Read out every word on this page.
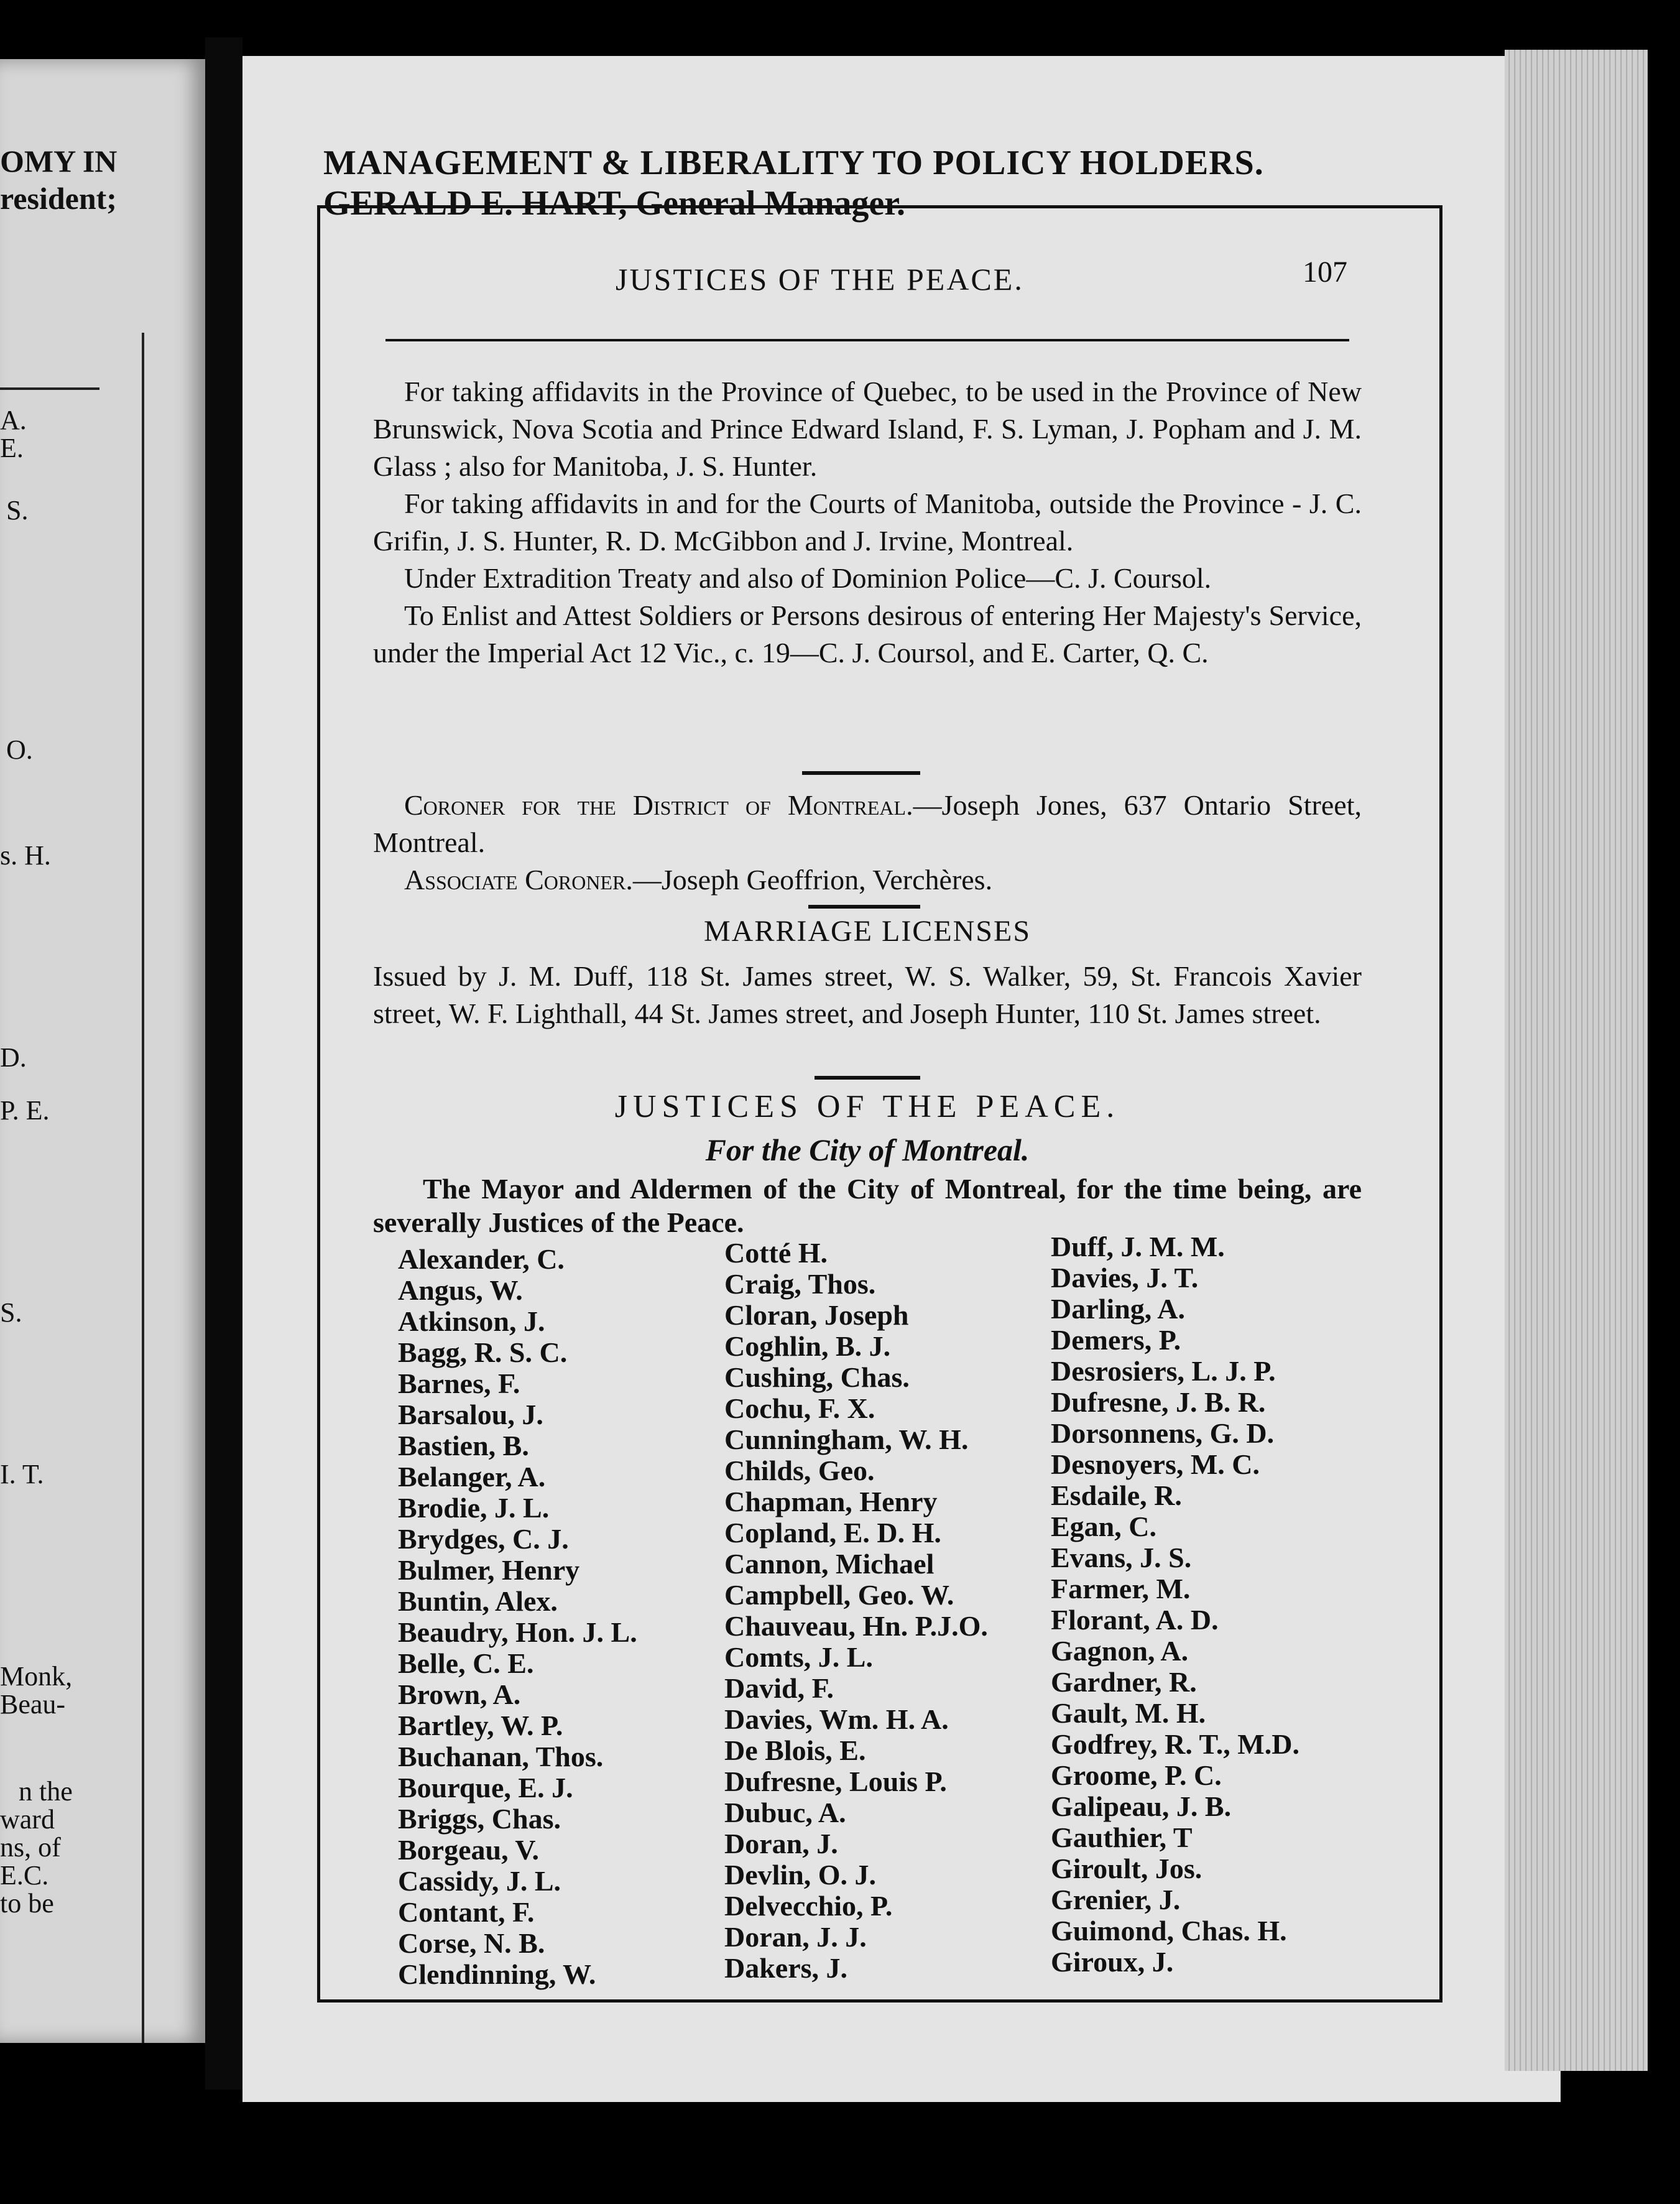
OMY IN
resident;
A.
E.
S.
O.
s. H.
D.
P. E.
S.
I. T.
Monk,
Beau-
n the
ward
ns, of
E.C.
to be
MANAGEMENT & LIBERALITY TO POLICY HOLDERS.
GERALD E. HART, General Manager.
JUSTICES OF THE PEACE.	107

For taking affidavits in the Province of Quebec, to be used in the Province of New Brunswick, Nova Scotia and Prince Edward Island, F. S. Lyman, J. Popham and J. M. Glass ; also for Manitoba, J. S. Hunter.

For taking affidavits in and for the Courts of Manitoba, outside the Province - J. C. Grifin, J. S. Hunter, R. D. McGibbon and J. Irvine, Montreal.

Under Extradition Treaty and also of Dominion Police—C. J. Coursol.

To Enlist and Attest Soldiers or Persons desirous of entering Her Majesty's Service, under the Imperial Act 12 Vic., c. 19—C. J. Coursol, and E. Carter, Q. C.

Coroner for the District of Montreal.—Joseph Jones, 637 Ontario Street, Montreal.

Associate Coroner.—Joseph Geoffrion, Verchères.

MARRIAGE LICENSES

Issued by J. M. Duff, 118 St. James street, W. S. Walker, 59, St. Francois Xavier street, W. F. Lighthall, 44 St. James street, and Joseph Hunter, 110 St. James street.

JUSTICES OF THE PEACE.
For the City of Montreal.

The Mayor and Aldermen of the City of Montreal, for the time being, are severally Justices of the Peace.

Alexander, C.
Angus, W.
Atkinson, J.
Bagg, R. S. C.
Barnes, F.
Barsalou, J.
Bastien, B.
Belanger, A.
Brodie, J. L.
Brydges, C. J.
Bulmer, Henry
Buntin, Alex.
Beaudry, Hon. J. L.
Belle, C. E.
Brown, A.
Bartley, W. P.
Buchanan, Thos.
Bourque, E. J.
Briggs, Chas.
Borgeau, V.
Cassidy, J. L.
Contant, F.
Corse, N. B.
Clendinning, W.
Cotté H.
Craig, Thos.
Cloran, Joseph
Coghlin, B. J.
Cushing, Chas.
Cochu, F. X.
Cunningham, W. H.
Childs, Geo.
Chapman, Henry
Copland, E. D. H.
Cannon, Michael
Campbell, Geo. W.
Chauveau, Hn. P.J.O.
Comts, J. L.
David, F.
Davies, Wm. H. A.
De Blois, E.
Dufresne, Louis P.
Dubuc, A.
Doran, J.
Devlin, O. J.
Delvecchio, P.
Doran, J. J.
Dakers, J.
Duff, J. M. M.
Davies, J. T.
Darling, A.
Demers, P.
Desrosiers, L. J. P.
Dufresne, J. B. R.
Dorsonnens, G. D.
Desnoyers, M. C.
Esdaile, R.
Egan, C.
Evans, J. S.
Farmer, M.
Florant, A. D.
Gagnon, A.
Gardner, R.
Gault, M. H.
Godfrey, R. T., M.D.
Groome, P. C.
Galipeau, J. B.
Gauthier, T
Giroult, Jos.
Grenier, J.
Guimond, Chas. H.
Giroux, J.
